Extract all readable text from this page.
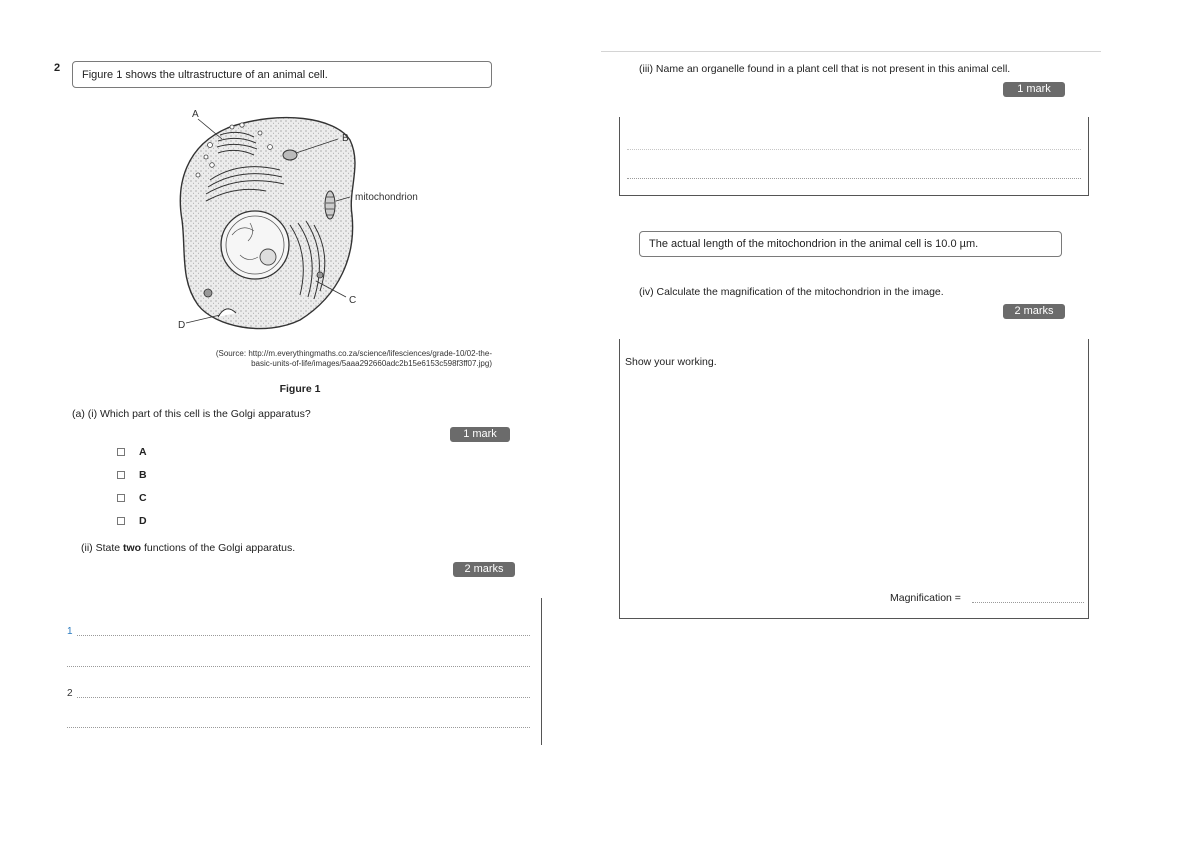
2
Figure 1 shows the ultrastructure of an animal cell.
A
B
mitochondrion
C
D
(Source: http://m.everythingmaths.co.za/science/lifesciences/grade-10/02-the-
basic-units-of-life/images/5aaa292660adc2b15e6153c598f3ff07.jpg)
Figure 1
(a) (i) Which part of this cell is the Golgi apparatus?
1 mark
A
B
C
D
(ii) State two functions of the Golgi apparatus.
2 marks
1
2
(iii) Name an organelle found in a plant cell that is not present in this animal cell.
1 mark
The actual length of the mitochondrion in the animal cell is 10.0 µm.
(iv) Calculate the magnification of the mitochondrion in the image.
2 marks
Show your working.
Magnification =
